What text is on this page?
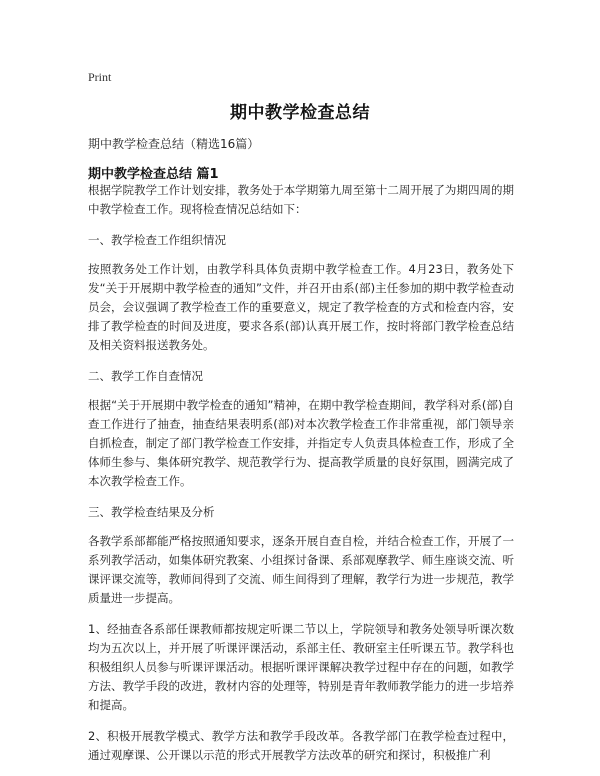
Print
期中教学检查总结
期中教学检查总结（精选16篇）
期中教学检查总结 篇1

根据学院教学工作计划安排，教务处于本学期第九周至第十二周开展了为期四周的期中教学检查工作。现将检查情况总结如下：

一、教学检查工作组织情况

按照教务处工作计划，由教学科具体负责期中教学检查工作。4月23日，教务处下发“关于开展期中教学检查的通知”文件，并召开由系(部)主任参加的期中教学检查动员会，会议强调了教学检查工作的重要意义，规定了教学检查的方式和检查内容，安排了教学检查的时间及进度，要求各系(部)认真开展工作，按时将部门教学检查总结及相关资料报送教务处。

二、教学工作自查情况

根据“关于开展期中教学检查的通知”精神，在期中教学检查期间，教学科对系(部)自查工作进行了抽查，抽查结果表明系(部)对本次教学检查工作非常重视，部门领导亲自抓检查，制定了部门教学检查工作安排，并指定专人负责具体检查工作，形成了全体师生参与、集体研究教学、规范教学行为、提高教学质量的良好氛围，圆满完成了本次教学检查工作。

三、教学检查结果及分析

各教学系部都能严格按照通知要求，逐条开展自查自检，并结合检查工作，开展了一系列教学活动，如集体研究教案、小组探讨备课、系部观摩教学、师生座谈交流、听课评课交流等，教师间得到了交流、师生间得到了理解，教学行为进一步规范，教学质量进一步提高。

1、经抽查各系部任课教师都按规定听课二节以上，学院领导和教务处领导听课次数均为五次以上，并开展了听课评课活动，系部主任、教研室主任听课五节。教学科也积极组织人员参与听课评课活动。根据听课评课解决教学过程中存在的问题，如教学方法、教学手段的改进，教材内容的处理等，特别是青年教师教学能力的进一步培养和提高。

2、积极开展教学模式、教学方法和教学手段改革。各教学部门在教学检查过程中，通过观摩课、公开课以示范的形式开展教学方法改革的研究和探讨，积极推广利
